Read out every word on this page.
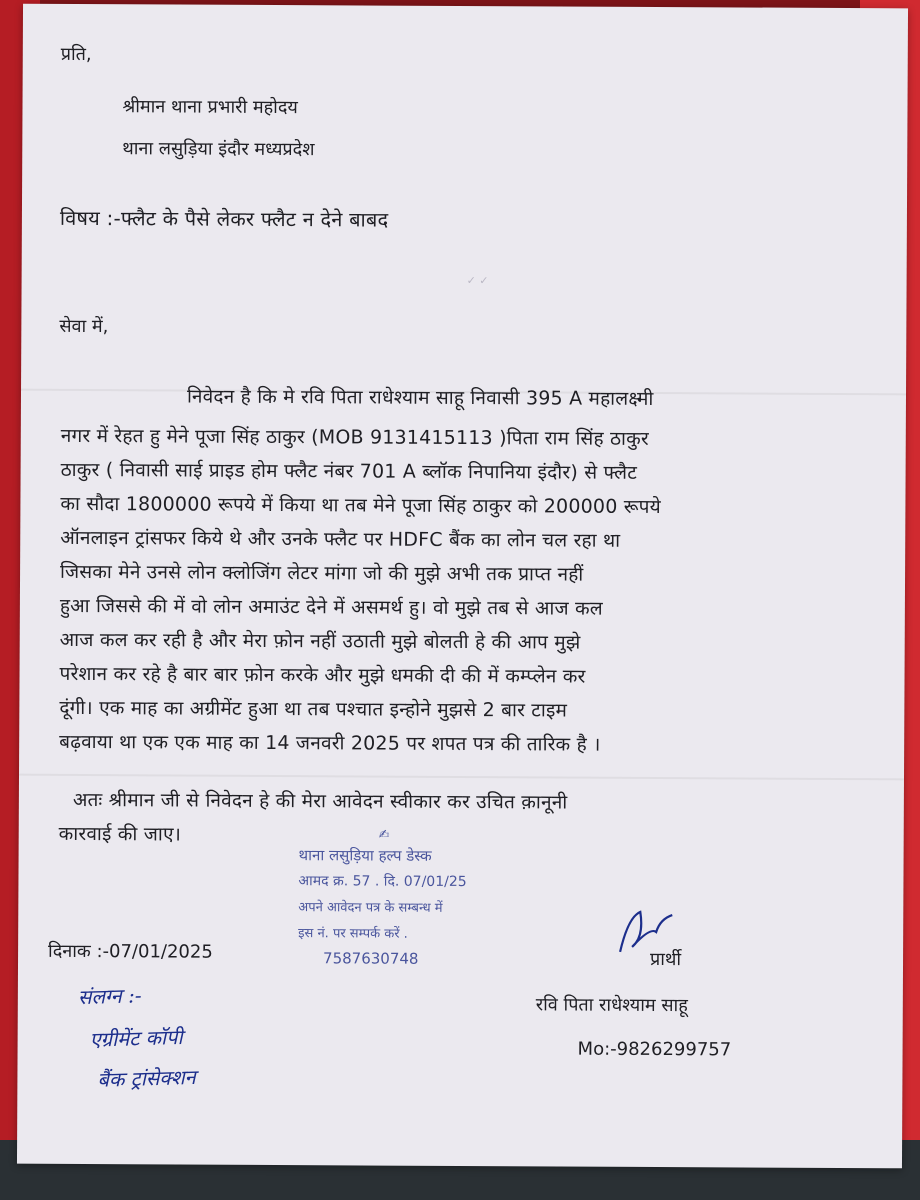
प्रति,
श्रीमान थाना प्रभारी महोदय
थाना लसुड़िया इंदौर मध्यप्रदेश
विषय :-फ्लैट के पैसे लेकर फ्लैट न देने बाबद
✓ ✓
सेवा में,
निवेदन है कि मे रवि पिता राधेश्याम साहू निवासी 395 A महालक्ष्मी
नगर में रेहत हु मेने पूजा सिंह ठाकुर (MOB 9131415113 )पिता राम सिंह ठाकुर
ठाकुर ( निवासी साई प्राइड होम फ्लैट नंबर 701 A ब्लॉक निपानिया इंदौर) से फ्लैट
का सौदा 1800000 रूपये में किया था तब मेने पूजा सिंह ठाकुर को 200000 रूपये
ऑनलाइन ट्रांसफर किये थे और उनके फ्लैट पर HDFC बैंक का लोन चल रहा था
जिसका मेने उनसे लोन क्लोजिंग लेटर मांगा जो की मुझे अभी तक प्राप्त नहीं
हुआ जिससे की में वो लोन अमाउंट देने में असमर्थ हु। वो मुझे तब से आज कल
आज कल कर रही है और मेरा फ़ोन नहीं उठाती मुझे बोलती हे की आप मुझे
परेशान कर रहे है बार बार फ़ोन करके और मुझे धमकी दी की में कम्प्लेन कर
दूंगी। एक माह का अग्रीमेंट हुआ था तब पश्चात इन्होने मुझसे 2 बार टाइम
बढ़वाया था एक एक माह का 14 जनवरी 2025 पर शपत पत्र की तारिक है ।
अतः श्रीमान जी से निवेदन हे की मेरा आवेदन स्वीकार कर उचित क़ानूनी
कारवाई की जाए।	✍
थाना लसुड़िया हल्प डेस्क
आमद क्र. 57 . दि. 07/01/25
अपने आवेदन पत्र के सम्बन्ध में
इस नं. पर सम्पर्क करें .
7587630748
दिनाक :-07/01/2025	प्रार्थी
रवि पिता राधेश्याम साहू
Mo:-9826299757
संलग्न :-
एग्रीमेंट कॉपी
बैंक ट्रांसेक्शन
